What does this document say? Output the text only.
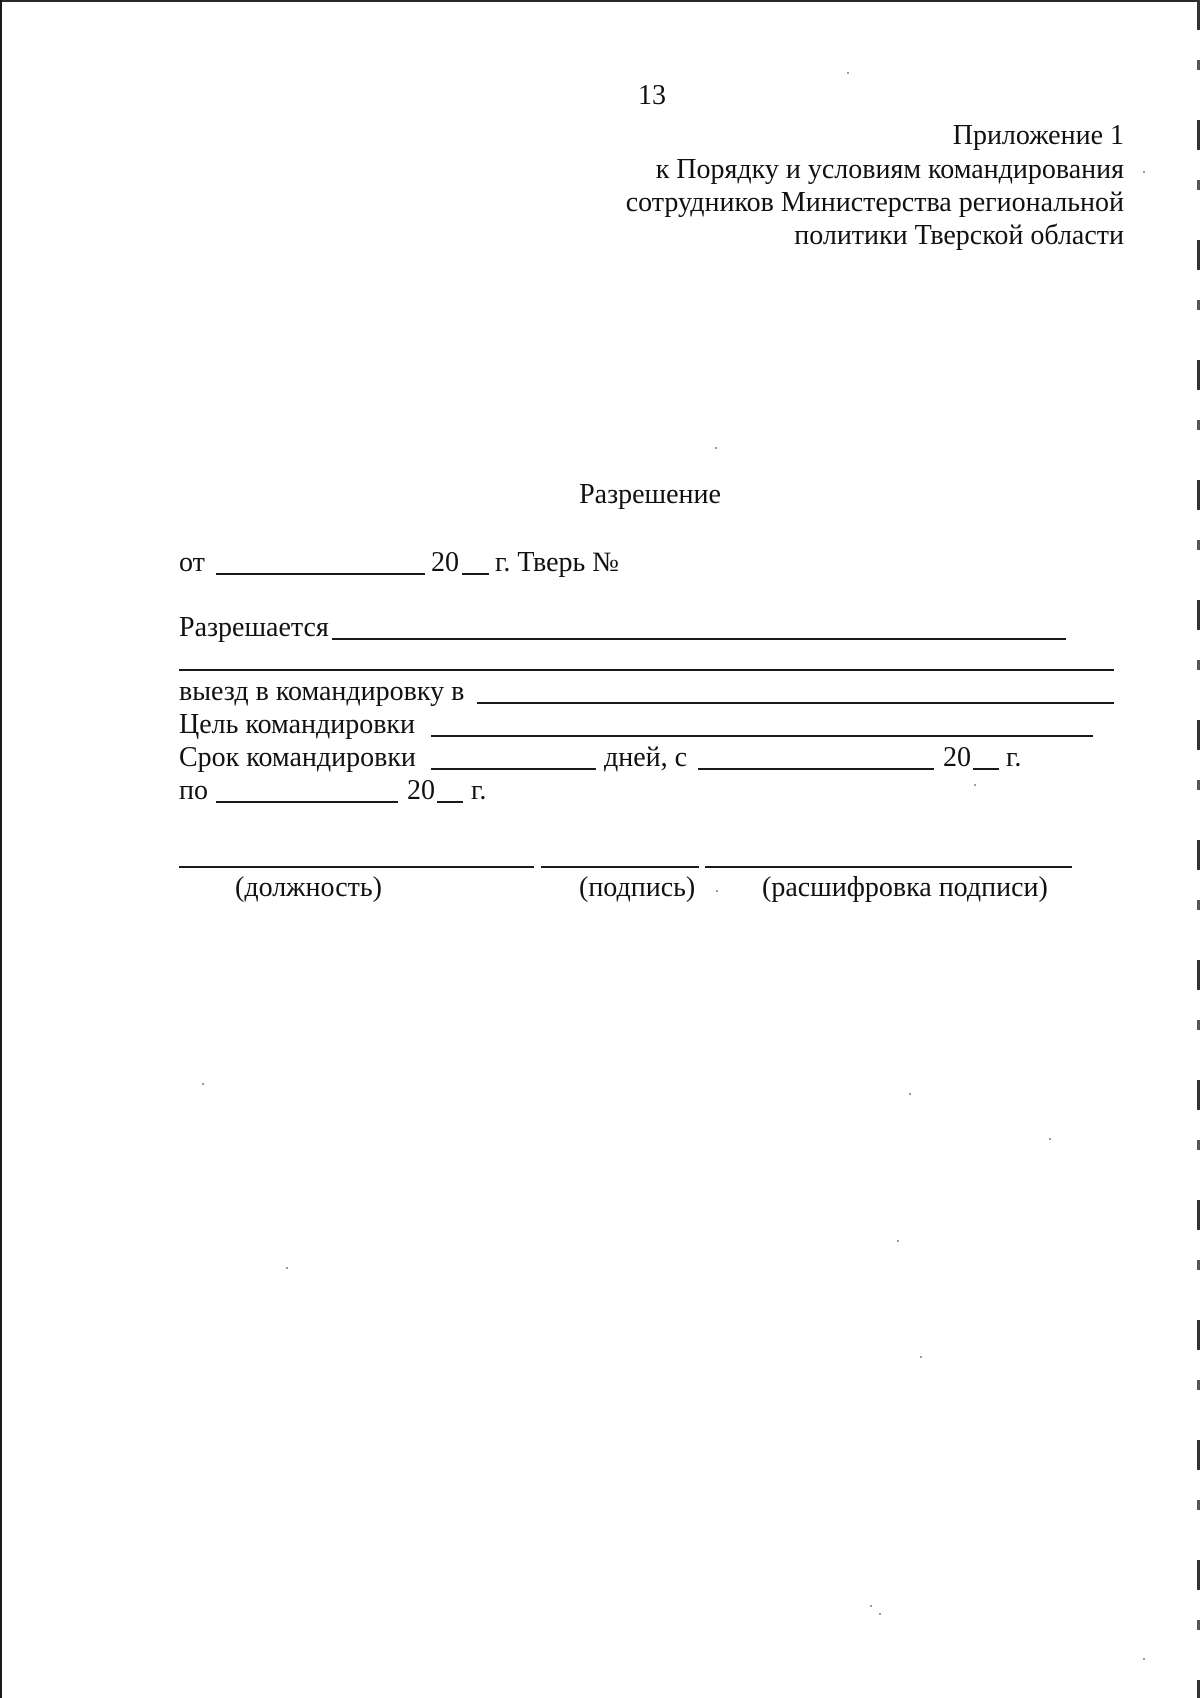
13
Приложение 1
к Порядку и условиям командирования
сотрудников Министерства региональной
политики Тверской области
Разрешение
от	20 г. Тверь №
Разрешается
выезд в командировку в
Цель командировки
Срок командировки	дней, с	20 г.
по	20 г.
(должность)	(подпись) (расшифровка подписи)
